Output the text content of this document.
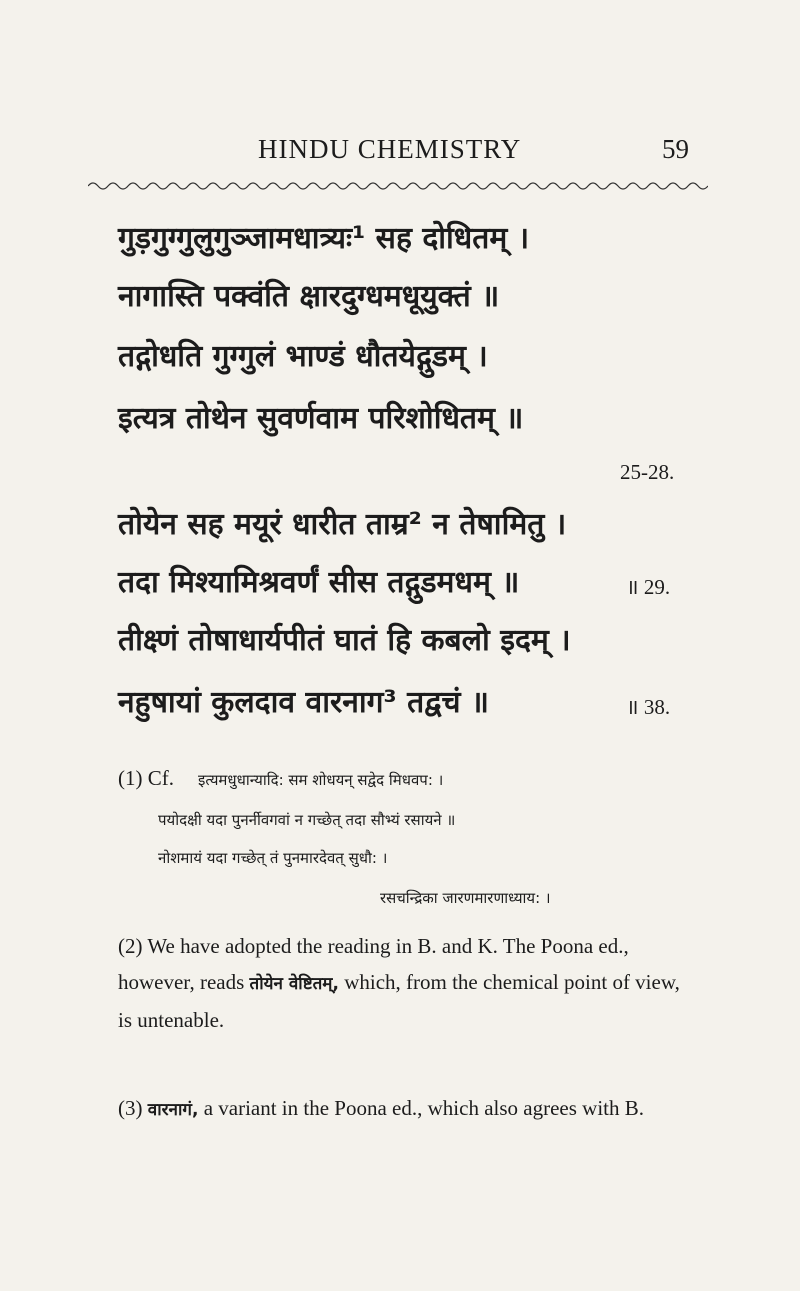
HINDU CHEMISTRY	59
गुड़गुग्गुलुगुञ्जामधात्र्यः¹ सह दोधितम् ।
नागास्ति पक्वंति क्षारदुग्धमधूयुक्तं ॥
तद्गोधति गुग्गुलं भाण्डं धौतयेद्गुडम् ।
इत्यत्र तोथेन सुवर्णवाम परिशोधितम् ॥
25-28.
तोयेन सह मयूरं धारीत ताम्र² न तेषामितु ।
तदा मिश्यामिश्रवर्णं सीस तद्गुडमधम् ॥	॥ 29.
तीक्ष्णं तोषाधार्यपीतं घातं हि कबलो इदम् ।
नहुषायां कुलदाव वारनाग³ तद्वचं ॥	॥ 38.
(1) Cf. इत्यमधुधान्यादि: सम शोधयन् सद्वेद मिधवप: ।
पयोदक्षी यदा पुनर्नीवगवां न गच्छेत् तदा सौभ्यं रसायने ॥
नोशमायं यदा गच्छेत् तं पुनमारदेवत् सुधौ: ।
रसचन्द्रिका जारणमारणाध्याय: ।
(2) We have adopted the reading in B. and K. The Poona ed., however, reads तोयेन वेष्टितम्, which, from the chemical point of view, is untenable.
(3) वारनागं, a variant in the Poona ed., which also agrees with B.
